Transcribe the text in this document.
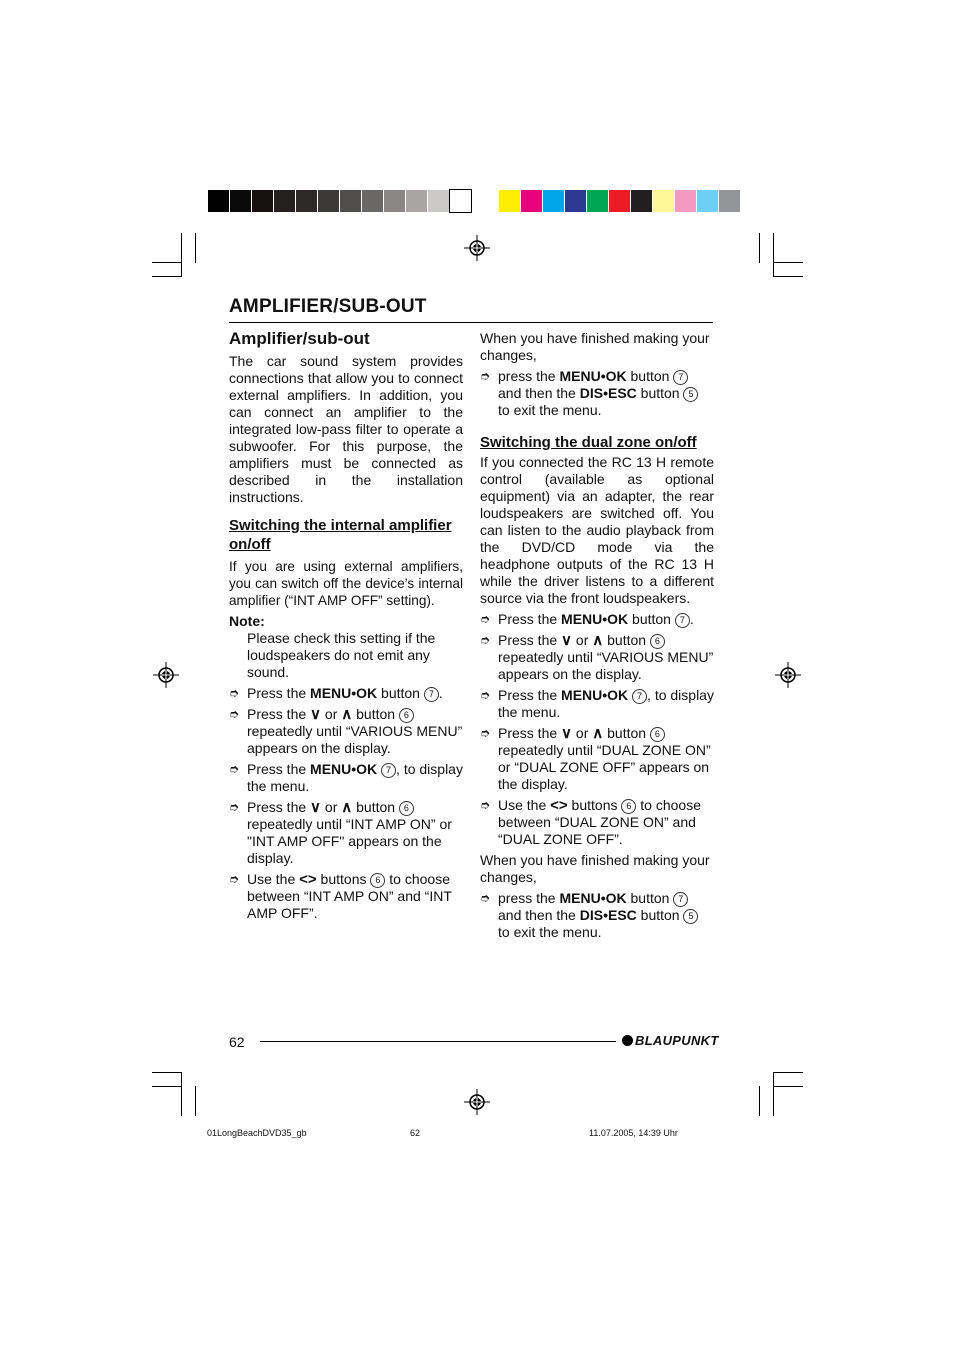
AMPLIFIER/SUB-OUT
Amplifier/sub-out

The car sound system provides connections that allow you to connect external amplifiers. In addition, you can connect an amplifier to the integrated low-pass filter to operate a subwoofer. For this purpose, the amplifiers must be connected as described in the installation instructions.

Switching the internal amplifier on/off

If you are using external amplifiers, you can switch off the device’s internal amplifier (“INT AMP OFF” setting).

Note:
Please check this setting if the loudspeakers do not emit any sound.

➮ Press the MENU•OK button 7 .

➮ Press the ∨ or ∧ button 6 repeatedly until “VARIOUS MENU” appears on the display.

➮ Press the MENU•OK 7 , to display the menu.

➮ Press the ∨ or ∧ button 6 repeatedly until “INT AMP ON” or "INT AMP OFF" appears on the display.

➮ Use the <> buttons 6 to choose between “INT AMP ON” and “INT AMP OFF”.

When you have finished making your changes,

➮ press the MENU•OK button 7 and then the DIS•ESC button 5 to exit the menu.

Switching the dual zone on/off

If you connected the RC 13 H remote control (available as optional equipment) via an adapter, the rear loudspeakers are switched off. You can listen to the audio playback from the DVD/CD mode via the headphone outputs of the RC 13 H while the driver listens to a different source via the front loudspeakers.

➮ Press the MENU•OK button 7 .

➮ Press the ∨ or ∧ button 6 repeatedly until “VARIOUS MENU” appears on the display.

➮ Press the MENU•OK 7 , to display the menu.

➮ Press the ∨ or ∧ button 6 repeatedly until “DUAL ZONE ON” or “DUAL ZONE OFF” appears on the display.

➮ Use the <> buttons 6 to choose between “DUAL ZONE ON” and “DUAL ZONE OFF”.

When you have finished making your changes,

➮ press the MENU•OK button 7 and then the DIS•ESC button 5 to exit the menu.

62	BLAUPUNKT
01LongBeachDVD35_gb	62	11.07.2005, 14:39 Uhr
